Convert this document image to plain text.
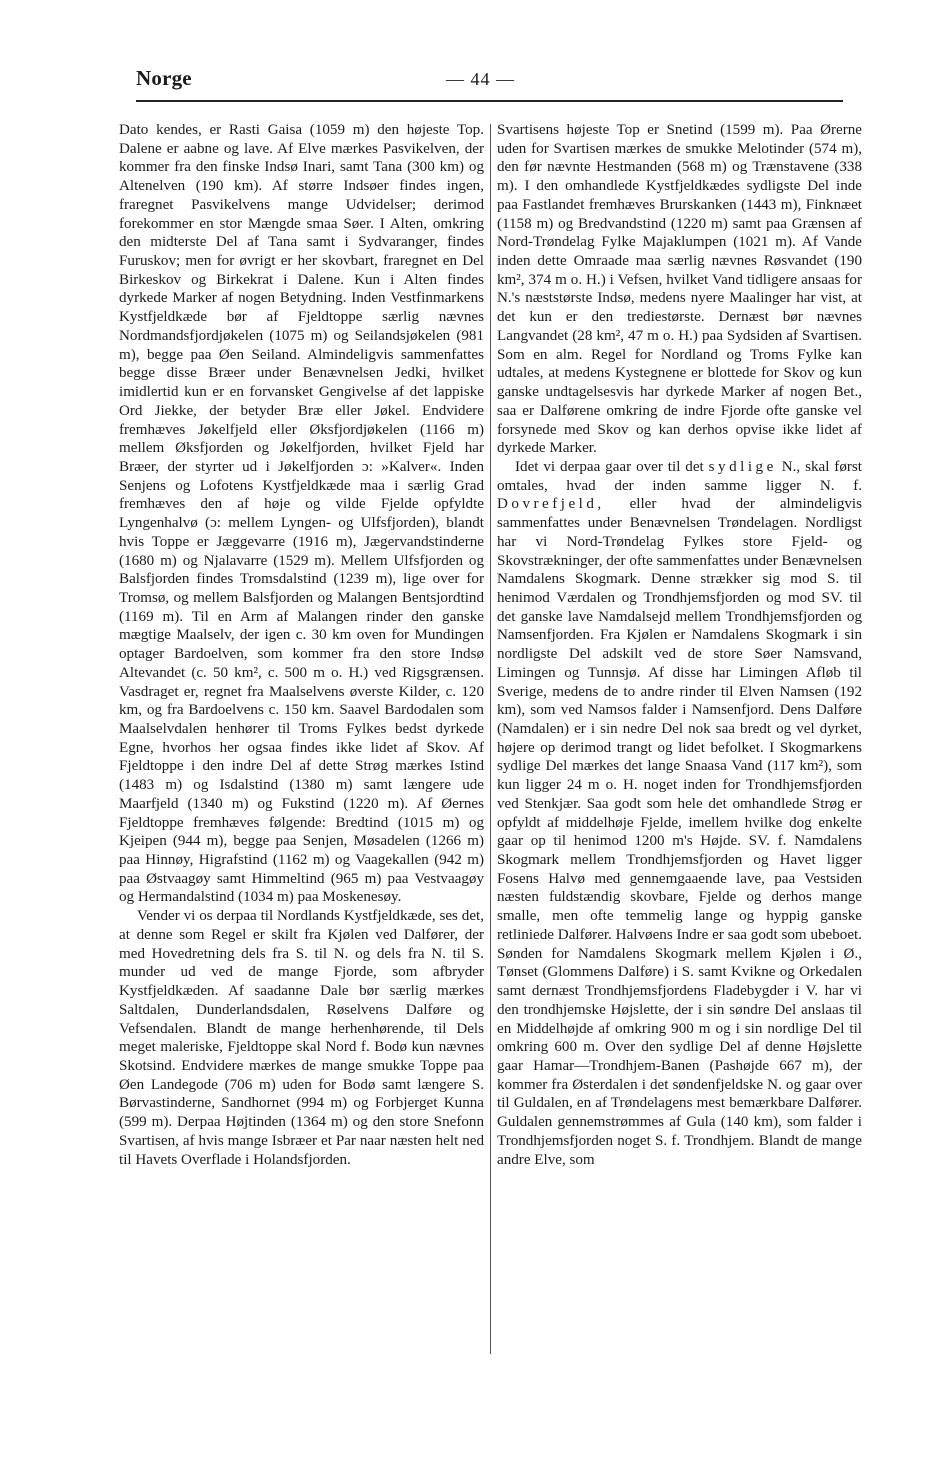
Norge	— 44 —

Dato kendes, er Rasti Gaisa (1059 m) den højeste Top. Dalene er aabne og lave. Af Elve mærkes Pasvikelven, der kommer fra den finske Indsø Inari, samt Tana (300 km) og Altenelven (190 km). Af større Indsøer findes ingen, fraregnet Pasvikelvens mange Udvidelser; derimod forekommer en stor Mængde smaa Søer. I Alten, omkring den midterste Del af Tana samt i Sydvaranger, findes Furuskov; men for øvrigt er her skovbart, fraregnet en Del Birkeskov og Birkekrat i Dalene. Kun i Alten findes dyrkede Marker af nogen Betydning. Inden Vestfinmarkens Kystfjeldkæde bør af Fjeldtoppe særlig nævnes Nordmandsfjordjøkelen (1075 m) og Seilandsjøkelen (981 m), begge paa Øen Seiland. Almindeligvis sammenfattes begge disse Bræer under Benævnelsen Jedki, hvilket imidlertid kun er en forvansket Gengivelse af det lappiske Ord Jiekke, der betyder Bræ eller Jøkel. Endvidere fremhæves Jøkelfjeld eller Øksfjordjøkelen (1166 m) mellem Øksfjorden og Jøkelfjorden, hvilket Fjeld har Bræer, der styrter ud i Jøkelfjorden ɔ: »Kalver«. Inden Senjens og Lofotens Kystfjeldkæde maa i særlig Grad fremhæves den af høje og vilde Fjelde opfyldte Lyngenhalvø (ɔ: mellem Lyngen- og Ulfsfjorden), blandt hvis Toppe er Jæggevarre (1916 m), Jægervandstinderne (1680 m) og Njalavarre (1529 m). Mellem Ulfsfjorden og Balsfjorden findes Tromsdalstind (1239 m), lige over for Tromsø, og mellem Balsfjorden og Malangen Bentsjordtind (1169 m). Til en Arm af Malangen rinder den ganske mægtige Maalselv, der igen c. 30 km oven for Mundingen optager Bardoelven, som kommer fra den store Indsø Altevandet (c. 50 km², c. 500 m o. H.) ved Rigsgrænsen. Vasdraget er, regnet fra Maalselvens øverste Kilder, c. 120 km, og fra Bardoelvens c. 150 km. Saavel Bardodalen som Maalselvdalen henhører til Troms Fylkes bedst dyrkede Egne, hvorhos her ogsaa findes ikke lidet af Skov. Af Fjeldtoppe i den indre Del af dette Strøg mærkes Istind (1483 m) og Isdalstind (1380 m) samt længere ude Maarfjeld (1340 m) og Fukstind (1220 m). Af Øernes Fjeldtoppe fremhæves følgende: Bredtind (1015 m) og Kjeipen (944 m), begge paa Senjen, Møsadelen (1266 m) paa Hinnøy, Higrafstind (1162 m) og Vaagekallen (942 m) paa Østvaagøy samt Himmeltind (965 m) paa Vestvaagøy og Hermandalstind (1034 m) paa Moskenesøy.

Vender vi os derpaa til Nordlands Kystfjeldkæde, ses det, at denne som Regel er skilt fra Kjølen ved Dalfører, der med Hovedretning dels fra S. til N. og dels fra N. til S. munder ud ved de mange Fjorde, som afbryder Kystfjeldkæden. Af saadanne Dale bør særlig mærkes Saltdalen, Dunderlandsdalen, Røselvens Dalføre og Vefsendalen. Blandt de mange herhenhørende, til Dels meget maleriske, Fjeldtoppe skal Nord f. Bodø kun nævnes Skotsind. Endvidere mærkes de mange smukke Toppe paa Øen Landegode (706 m) uden for Bodø samt længere S. Børvastinderne, Sandhornet (994 m) og Forbjerget Kunna (599 m). Derpaa Højtinden (1364 m) og den store Snefonn Svartisen, af hvis mange Isbræer et Par naar næsten helt ned til Havets Overflade i Holandsfjorden.

Svartisens højeste Top er Snetind (1599 m). Paa Ørerne uden for Svartisen mærkes de smukke Melotinder (574 m), den før nævnte Hestmanden (568 m) og Trænstavene (338 m). I den omhandlede Kystfjeldkædes sydligste Del inde paa Fastlandet fremhæves Brurskanken (1443 m), Finknæet (1158 m) og Bredvandstind (1220 m) samt paa Grænsen af Nord-Trøndelag Fylke Majaklumpen (1021 m). Af Vande inden dette Omraade maa særlig nævnes Røsvandet (190 km², 374 m o. H.) i Vefsen, hvilket Vand tidligere ansaas for N.'s næststørste Indsø, medens nyere Maalinger har vist, at det kun er den trediestørste. Dernæst bør nævnes Langvandet (28 km², 47 m o. H.) paa Sydsiden af Svartisen. Som en alm. Regel for Nordland og Troms Fylke kan udtales, at medens Kystegnene er blottede for Skov og kun ganske undtagelsesvis har dyrkede Marker af nogen Bet., saa er Dalførene omkring de indre Fjorde ofte ganske vel forsynede med Skov og kan derhos opvise ikke lidet af dyrkede Marker.

Idet vi derpaa gaar over til det sydlige N., skal først omtales, hvad der inden samme ligger N. f. Dovrefjeld, eller hvad der almindeligvis sammenfattes under Benævnelsen Trøndelagen. Nordligst har vi Nord-Trøndelag Fylkes store Fjeld- og Skovstrækninger, der ofte sammenfattes under Benævnelsen Namdalens Skogmark. Denne strækker sig mod S. til henimod Værdalen og Trondhjemsfjorden og mod SV. til det ganske lave Namdalsejd mellem Trondhjemsfjorden og Namsenfjorden. Fra Kjølen er Namdalens Skogmark i sin nordligste Del adskilt ved de store Søer Namsvand, Limingen og Tunnsjø. Af disse har Limingen Afløb til Sverige, medens de to andre rinder til Elven Namsen (192 km), som ved Namsos falder i Namsenfjord. Dens Dalføre (Namdalen) er i sin nedre Del nok saa bredt og vel dyrket, højere op derimod trangt og lidet befolket. I Skogmarkens sydlige Del mærkes det lange Snaasa Vand (117 km²), som kun ligger 24 m o. H. noget inden for Trondhjemsfjorden ved Stenkjær. Saa godt som hele det omhandlede Strøg er opfyldt af middelhøje Fjelde, imellem hvilke dog enkelte gaar op til henimod 1200 m's Højde. SV. f. Namdalens Skogmark mellem Trondhjemsfjorden og Havet ligger Fosens Halvø med gennemgaaende lave, paa Vestsiden næsten fuldstændig skovbare, Fjelde og derhos mange smalle, men ofte temmelig lange og hyppig ganske retliniede Dalfører. Halvøens Indre er saa godt som ubeboet. Sønden for Namdalens Skogmark mellem Kjølen i Ø., Tønset (Glommens Dalføre) i S. samt Kvikne og Orkedalen samt dernæst Trondhjemsfjordens Fladebygder i V. har vi den trondhjemske Højslette, der i sin søndre Del anslaas til en Middelhøjde af omkring 900 m og i sin nordlige Del til omkring 600 m. Over den sydlige Del af denne Højslette gaar Hamar—Trondhjem-Banen (Pashøjde 667 m), der kommer fra Østerdalen i det søndenfjeldske N. og gaar over til Guldalen, en af Trøndelagens mest bemærkbare Dalfører. Guldalen gennemstrømmes af Gula (140 km), som falder i Trondhjemsfjorden noget S. f. Trondhjem. Blandt de mange andre Elve, som
